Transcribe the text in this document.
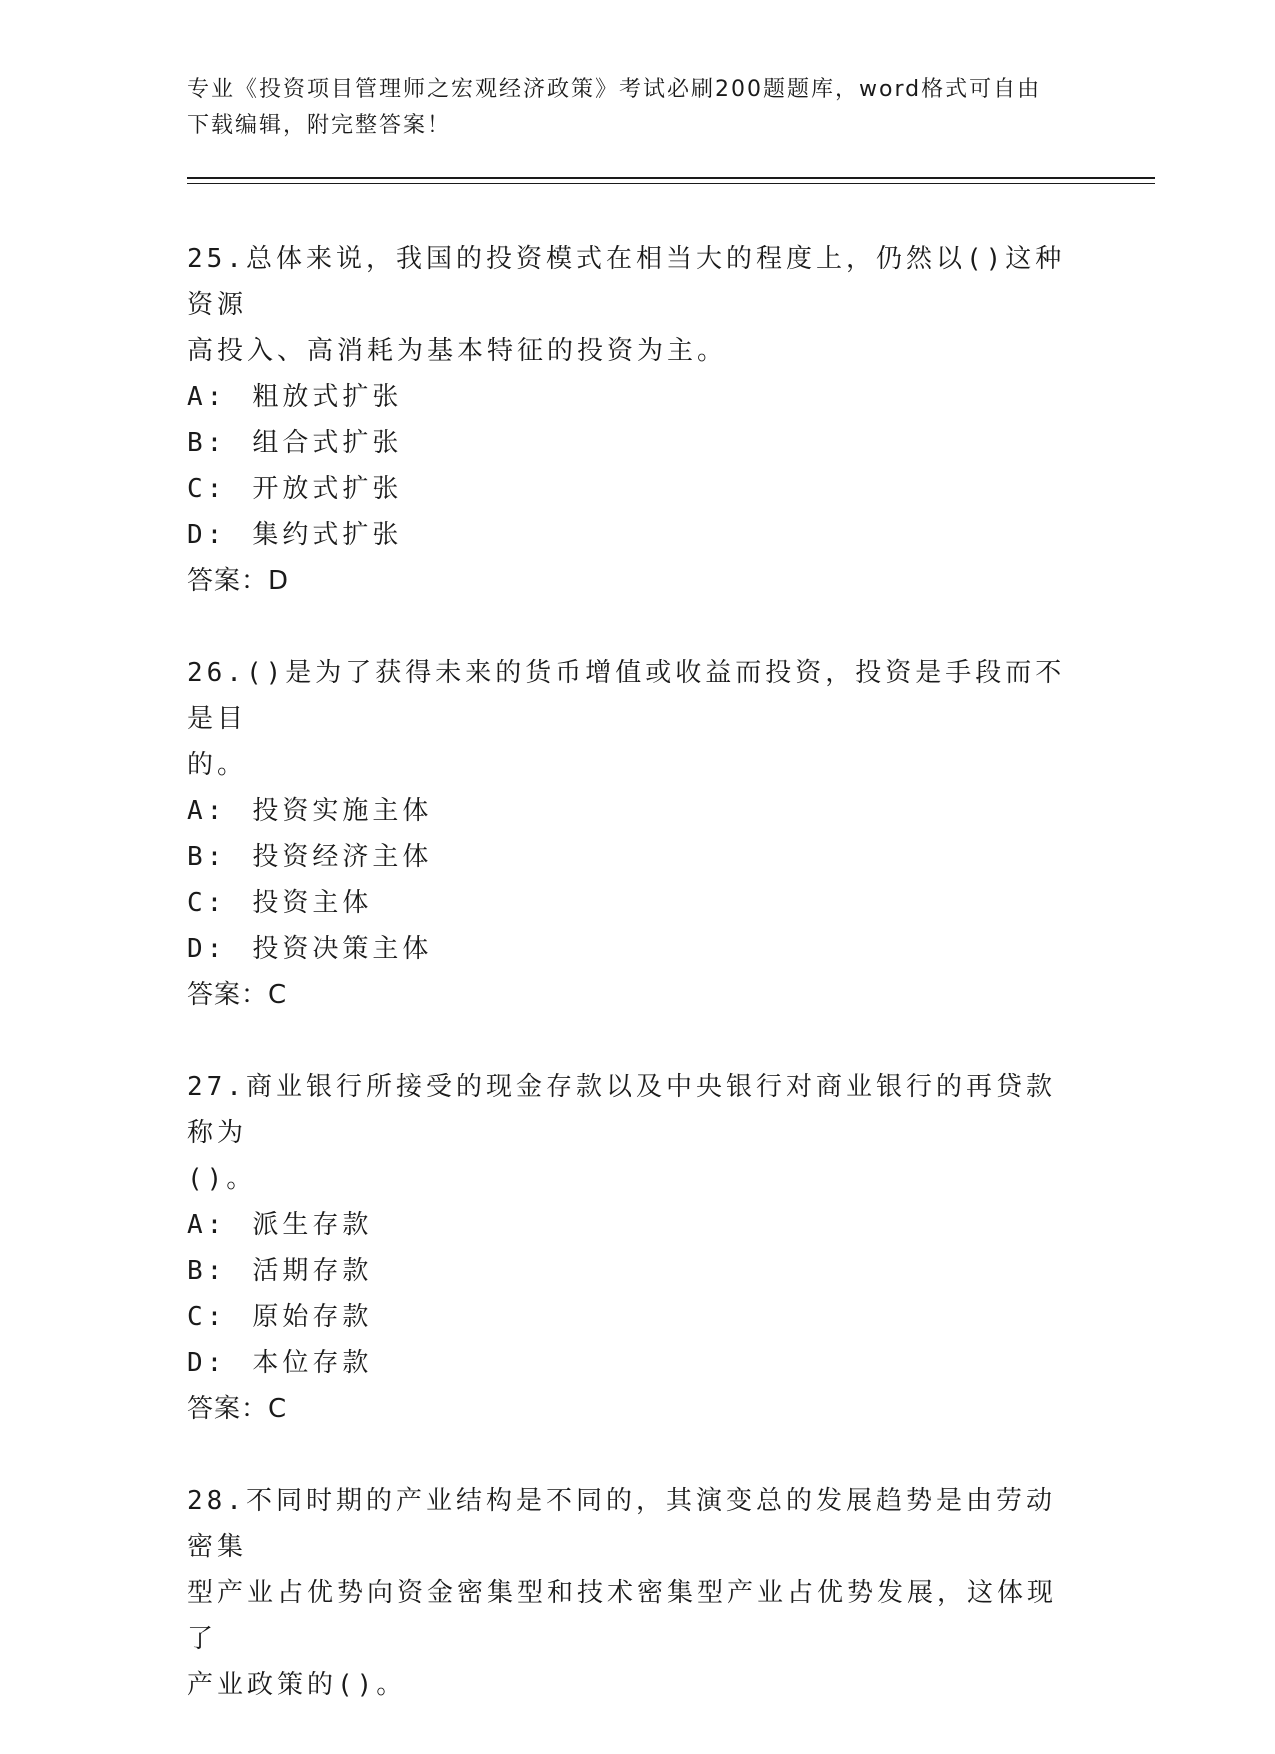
专业《投资项目管理师之宏观经济政策》考试必刷200题题库，word格式可自由
下载编辑，附完整答案！
25.总体来说，我国的投资模式在相当大的程度上，仍然以()这种资源
高投入、高消耗为基本特征的投资为主。
A: 粗放式扩张
B: 组合式扩张
C: 开放式扩张
D: 集约式扩张
答案：D
26.()是为了获得未来的货币增值或收益而投资，投资是手段而不是目
的。
A: 投资实施主体
B: 投资经济主体
C: 投资主体
D: 投资决策主体
答案：C
27.商业银行所接受的现金存款以及中央银行对商业银行的再贷款称为
()。
A: 派生存款
B: 活期存款
C: 原始存款
D: 本位存款
答案：C
28.不同时期的产业结构是不同的，其演变总的发展趋势是由劳动密集
型产业占优势向资金密集型和技术密集型产业占优势发展，这体现了
产业政策的()。
